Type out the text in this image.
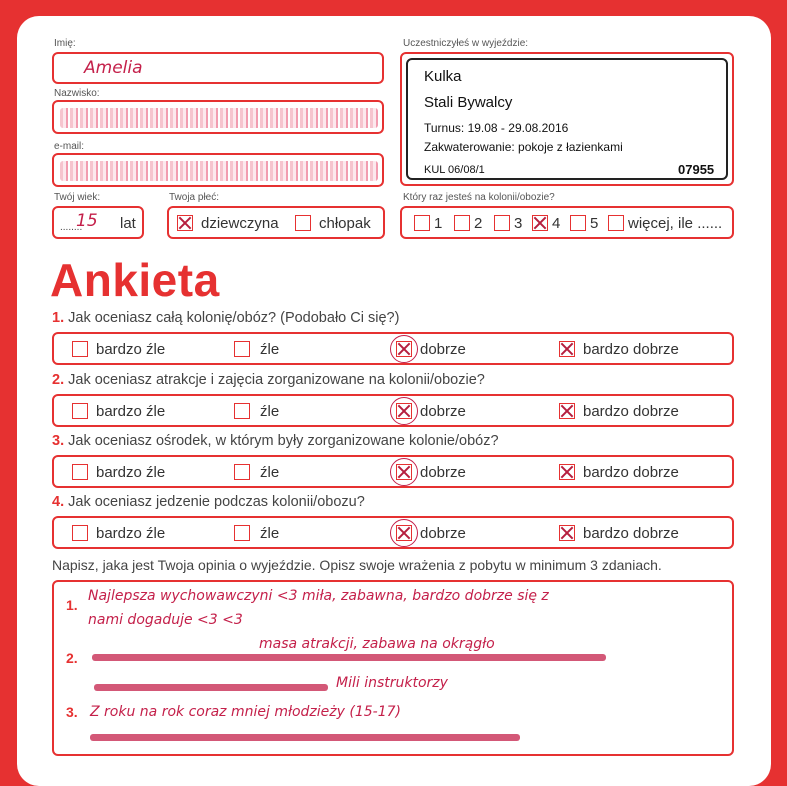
Imię:
Amelia
Nazwisko:
e-mail:
Twój wiek:
........
15 lat
Twoja płeć:
dziewczyna	chłopak
Uczestniczyłeś w wyjeździe:
Kulka
Stali Bywalcy
Turnus: 19.08 - 29.08.2016
Zakwaterowanie: pokoje z łazienkami
KUL 06/08/1	07955
Który raz jesteś na kolonii/obozie?
1 2 3 4 5 więcej, ile ......
Ankieta
1. Jak oceniasz całą kolonię/obóz? (Podobało Ci się?)
bardzo źle	źle	dobrze	bardzo dobrze
2. Jak oceniasz atrakcje i zajęcia zorganizowane na kolonii/obozie?
bardzo źle	źle	dobrze	bardzo dobrze
3. Jak oceniasz ośrodek, w którym były zorganizowane kolonie/obóz?
bardzo źle	źle	dobrze	bardzo dobrze
4. Jak oceniasz jedzenie podczas kolonii/obozu?
bardzo źle	źle	dobrze	bardzo dobrze
Napisz, jaka jest Twoja opinia o wyjeździe. Opisz swoje wrażenia z pobytu w minimum 3 zdaniach.
1.
Najlepsza wychowawczyni <3 miła, zabawna, bardzo dobrze się z
nami dogaduje <3 <3
2.
masa atrakcji, zabawa na okrągło
Mili instruktorzy
3. Z roku na rok coraz mniej młodzieży (15-17)
